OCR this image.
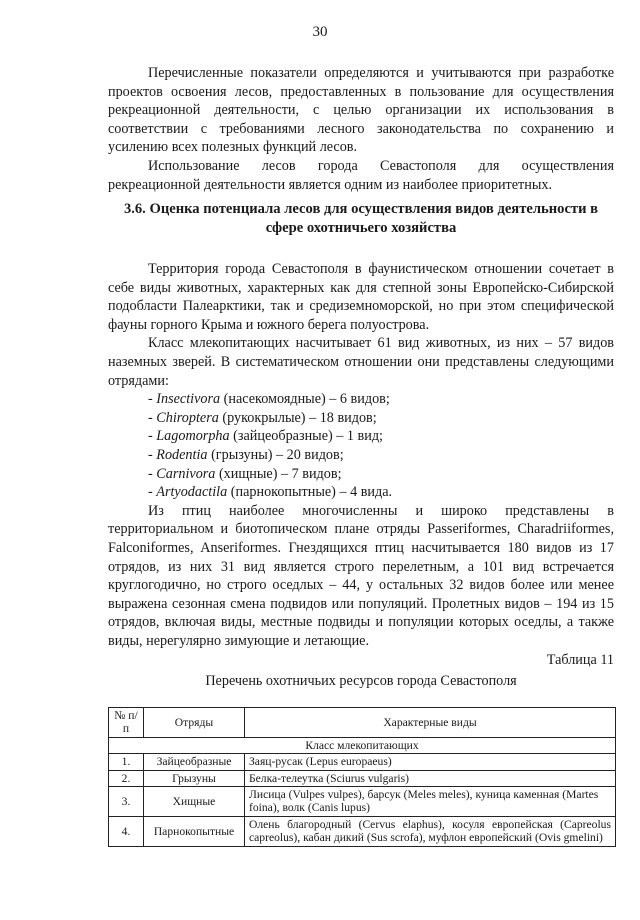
30

Перечисленные показатели определяются и учитываются при разработке проектов освоения лесов, предоставленных в пользование для осуществления рекреационной деятельности, с целью организации их использования в соответствии с требованиями лесного законодательства по сохранению и усилению всех полезных функций лесов.

Использование лесов города Севастополя для осуществления рекреационной деятельности является одним из наиболее приоритетных.

3.6. Оценка потенциала лесов для осуществления видов деятельности в сфере охотничьего хозяйства

Территория города Севастополя в фаунистическом отношении сочетает в себе виды животных, характерных как для степной зоны Европейско-Сибирской подобласти Палеарктики, так и средиземноморской, но при этом специфической фауны горного Крыма и южного берега полуострова.

Класс млекопитающих насчитывает 61 вид животных, из них – 57 видов наземных зверей. В систематическом отношении они представлены следующими отрядами:

- Insectivora (насекомоядные) – 6 видов;
- Chiroptera (рукокрылые) – 18 видов;
- Lagomorpha (зайцеобразные) – 1 вид;
- Rodentia (грызуны) – 20 видов;
- Carnivora (хищные) – 7 видов;
- Artyodactila (парнокопытные) – 4 вида.

Из птиц наиболее многочисленны и широко представлены в территориальном и биотопическом плане отряды Passeriformes, Charadriiformes, Falconiformes, Anseriformes. Гнездящихся птиц насчитывается 180 видов из 17 отрядов, из них 31 вид является строго перелетным, а 101 вид встречается круглогодично, но строго оседлых – 44, у остальных 32 видов более или менее выражена сезонная смена подвидов или популяций. Пролетных видов – 194 из 15 отрядов, включая виды, местные подвиды и популяции которых оседлы, а также виды, нерегулярно зимующие и летающие.

Таблица 11
Перечень охотничьих ресурсов города Севастополя
№ п/п	Отряды	Характерные виды
Класс млекопитающих		
1.	Зайцеобразные	Заяц-русак (Lepus europaeus)
2.	Грызуны	Белка-телеутка (Sciurus vulgaris)
3.	Хищные	Лисица (Vulpes vulpes), барсук (Meles meles), куница каменная (Martes foina), волк (Canis lupus)
4.	Парнокопытные	Олень благородный (Cervus elaphus), косуля европейская (Capreolus capreolus), кабан дикий (Sus scrofa), муфлон европейский (Ovis gmelini)
